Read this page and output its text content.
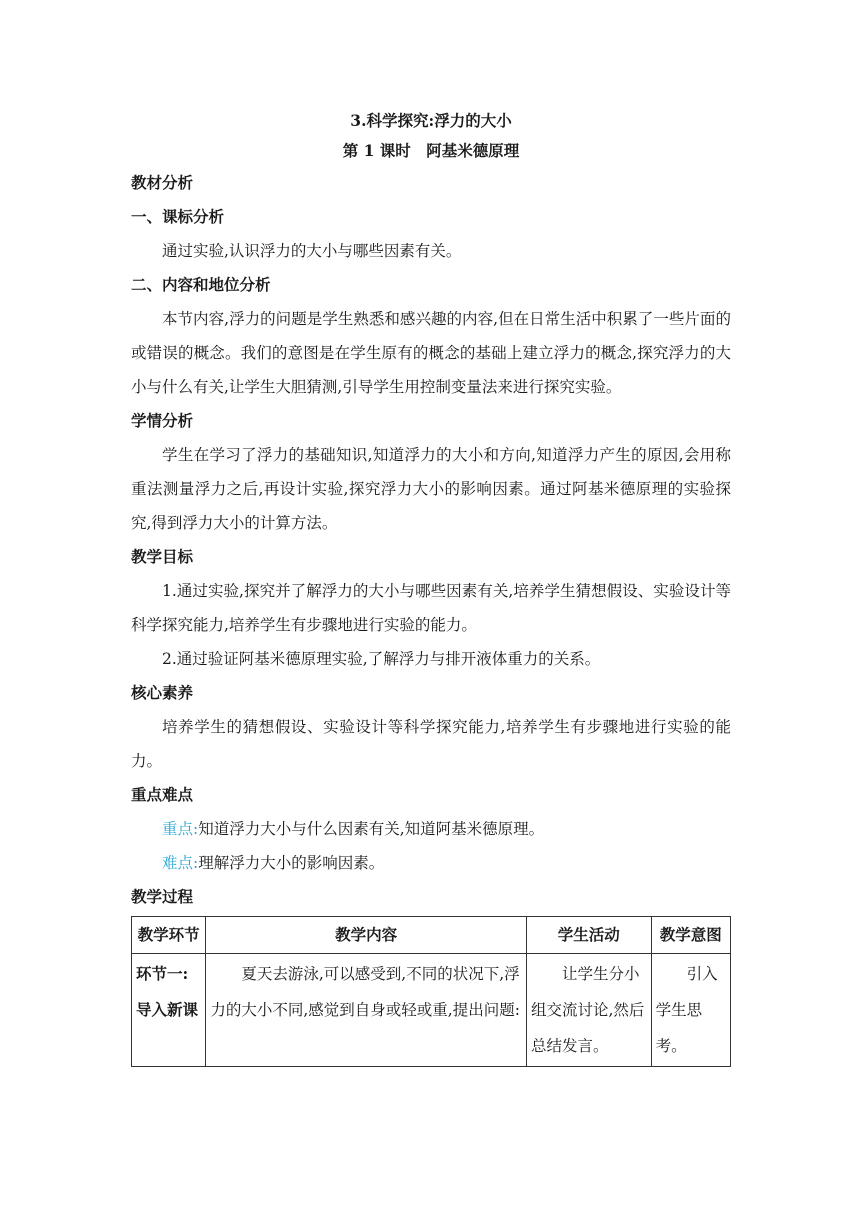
3.科学探究:浮力的大小
第 1 课时　阿基米德原理

教材分析

一、课标分析

通过实验,认识浮力的大小与哪些因素有关。

二、内容和地位分析

本节内容,浮力的问题是学生熟悉和感兴趣的内容,但在日常生活中积累了一些片面的或错误的概念。我们的意图是在学生原有的概念的基础上建立浮力的概念,探究浮力的大小与什么有关,让学生大胆猜测,引导学生用控制变量法来进行探究实验。

学情分析

学生在学习了浮力的基础知识,知道浮力的大小和方向,知道浮力产生的原因,会用称重法测量浮力之后,再设计实验,探究浮力大小的影响因素。通过阿基米德原理的实验探究,得到浮力大小的计算方法。

教学目标

1.通过实验,探究并了解浮力的大小与哪些因素有关,培养学生猜想假设、实验设计等科学探究能力,培养学生有步骤地进行实验的能力。

2.通过验证阿基米德原理实验,了解浮力与排开液体重力的关系。

核心素养

培养学生的猜想假设、实验设计等科学探究能力,培养学生有步骤地进行实验的能力。

重点难点

重点:知道浮力大小与什么因素有关,知道阿基米德原理。

难点:理解浮力大小的影响因素。

教学过程

教学环节	教学内容	学生活动	教学意图
环节一:导入新课	夏天去游泳,可以感受到,不同的状况下,浮力的大小不同,感觉到自身或轻或重,提出问题:	让学生分小组交流讨论,然后总结发言。	引入学生思考。
